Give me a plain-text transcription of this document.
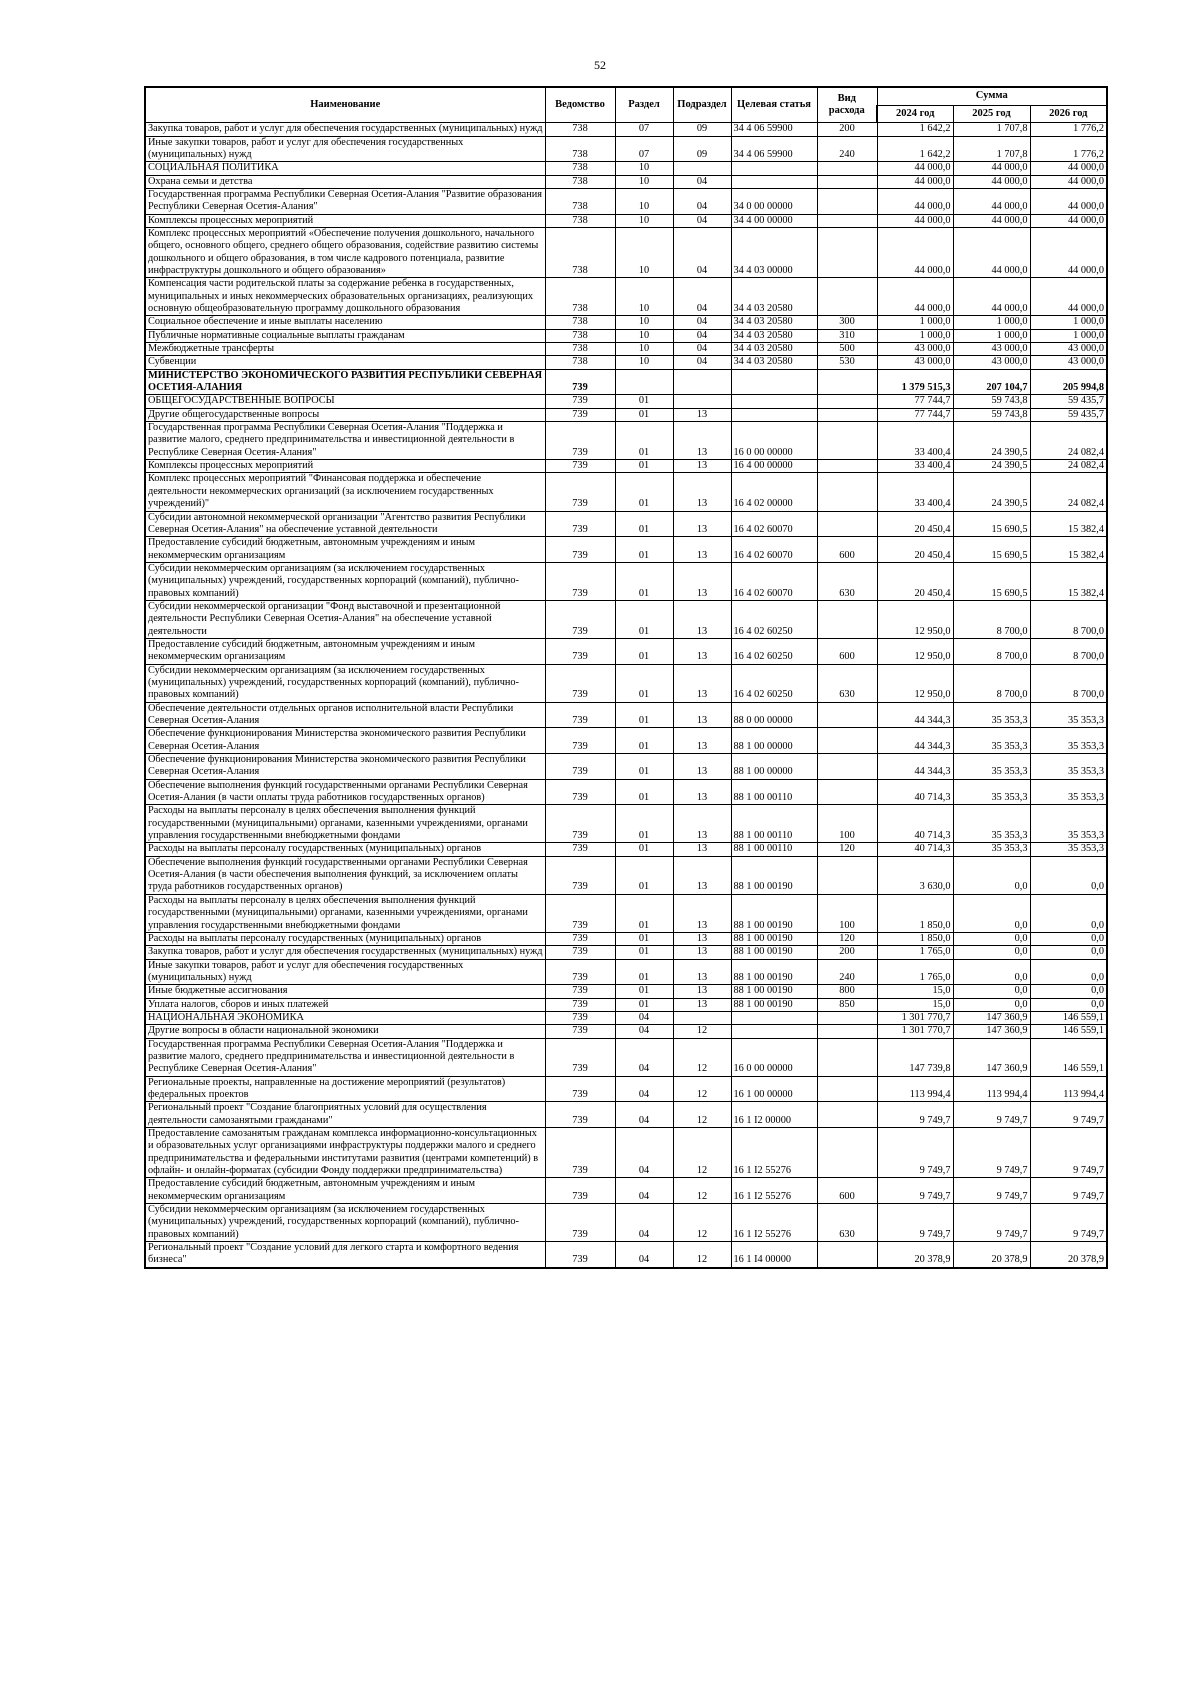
52
Наименование	Ведомство	Раздел	Подраздел	Целевая статья	Вид расхода	Сумма		
						2024 год	2025 год	2026 год
Закупка товаров, работ и услуг для обеспечения государственных (муниципальных) нужд	738	07	09	34 4 06 59900	200	1 642,2	1 707,8	1 776,2
Иные закупки товаров, работ и услуг для обеспечения государственных (муниципальных) нужд	738	07	09	34 4 06 59900	240	1 642,2	1 707,8	1 776,2
СОЦИАЛЬНАЯ ПОЛИТИКА	738	10				44 000,0	44 000,0	44 000,0
Охрана семьи и детства	738	10	04			44 000,0	44 000,0	44 000,0
Государственная программа Республики Северная Осетия-Алания "Развитие образования Республики Северная Осетия-Алания"	738	10	04	34 0 00 00000		44 000,0	44 000,0	44 000,0
Комплексы процессных мероприятий	738	10	04	34 4 00 00000		44 000,0	44 000,0	44 000,0
Комплекс процессных мероприятий «Обеспечение получения дошкольного, начального общего, основного общего, среднего общего образования, содействие развитию системы дошкольного и общего образования, в том числе кадрового потенциала, развитие инфраструктуры дошкольного и общего образования»	738	10	04	34 4 03 00000		44 000,0	44 000,0	44 000,0
Компенсация части родительской платы за содержание ребенка в государственных, муниципальных и иных некоммерческих образовательных организациях, реализующих основную общеобразовательную программу дошкольного образования	738	10	04	34 4 03 20580		44 000,0	44 000,0	44 000,0
Социальное обеспечение и иные выплаты населению	738	10	04	34 4 03 20580	300	1 000,0	1 000,0	1 000,0
Публичные нормативные социальные выплаты гражданам	738	10	04	34 4 03 20580	310	1 000,0	1 000,0	1 000,0
Межбюджетные трансферты	738	10	04	34 4 03 20580	500	43 000,0	43 000,0	43 000,0
Субвенции	738	10	04	34 4 03 20580	530	43 000,0	43 000,0	43 000,0
МИНИСТЕРСТВО ЭКОНОМИЧЕСКОГО РАЗВИТИЯ РЕСПУБЛИКИ СЕВЕРНАЯ ОСЕТИЯ-АЛАНИЯ	739					1 379 515,3	207 104,7	205 994,8
ОБЩЕГОСУДАРСТВЕННЫЕ ВОПРОСЫ	739	01				77 744,7	59 743,8	59 435,7
Другие общегосударственные вопросы	739	01	13			77 744,7	59 743,8	59 435,7
Государственная программа Республики Северная Осетия-Алания "Поддержка и развитие малого, среднего предпринимательства и инвестиционной деятельности в Республике Северная Осетия-Алания"	739	01	13	16 0 00 00000		33 400,4	24 390,5	24 082,4
Комплексы процессных мероприятий	739	01	13	16 4 00 00000		33 400,4	24 390,5	24 082,4
Комплекс процессных мероприятий "Финансовая поддержка и обеспечение деятельности некоммерческих организаций (за исключением государственных учреждений)"	739	01	13	16 4 02 00000		33 400,4	24 390,5	24 082,4
Субсидии автономной некоммерческой организации "Агентство развития Республики Северная Осетия-Алания" на обеспечение уставной деятельности	739	01	13	16 4 02 60070		20 450,4	15 690,5	15 382,4
Предоставление субсидий бюджетным, автономным учреждениям и иным некоммерческим организациям	739	01	13	16 4 02 60070	600	20 450,4	15 690,5	15 382,4
Субсидии некоммерческим организациям (за исключением государственных (муниципальных) учреждений, государственных корпораций (компаний), публично-правовых компаний)	739	01	13	16 4 02 60070	630	20 450,4	15 690,5	15 382,4
Субсидии некоммерческой организации "Фонд выставочной и презентационной деятельности Республики Северная Осетия-Алания" на обеспечение уставной деятельности	739	01	13	16 4 02 60250		12 950,0	8 700,0	8 700,0
Предоставление субсидий бюджетным, автономным учреждениям и иным некоммерческим организациям	739	01	13	16 4 02 60250	600	12 950,0	8 700,0	8 700,0
Субсидии некоммерческим организациям (за исключением государственных (муниципальных) учреждений, государственных корпораций (компаний), публично-правовых компаний)	739	01	13	16 4 02 60250	630	12 950,0	8 700,0	8 700,0
Обеспечение деятельности отдельных органов исполнительной власти Республики Северная Осетия-Алания	739	01	13	88 0 00 00000		44 344,3	35 353,3	35 353,3
Обеспечение функционирования Министерства экономического развития Республики Северная Осетия-Алания	739	01	13	88 1 00 00000		44 344,3	35 353,3	35 353,3
Обеспечение функционирования Министерства экономического развития Республики Северная Осетия-Алания	739	01	13	88 1 00 00000		44 344,3	35 353,3	35 353,3
Обеспечение выполнения функций государственными органами Республики Северная Осетия-Алания (в части оплаты труда работников государственных органов)	739	01	13	88 1 00 00110		40 714,3	35 353,3	35 353,3
Расходы на выплаты персоналу в целях обеспечения выполнения функций государственными (муниципальными) органами, казенными учреждениями, органами управления государственными внебюджетными фондами	739	01	13	88 1 00 00110	100	40 714,3	35 353,3	35 353,3
Расходы на выплаты персоналу государственных (муниципальных) органов	739	01	13	88 1 00 00110	120	40 714,3	35 353,3	35 353,3
Обеспечение выполнения функций государственными органами Республики Северная Осетия-Алания (в части обеспечения выполнения функций, за исключением оплаты труда работников государственных органов)	739	01	13	88 1 00 00190		3 630,0	0,0	0,0
Расходы на выплаты персоналу в целях обеспечения выполнения функций государственными (муниципальными) органами, казенными учреждениями, органами управления государственными внебюджетными фондами	739	01	13	88 1 00 00190	100	1 850,0	0,0	0,0
Расходы на выплаты персоналу государственных (муниципальных) органов	739	01	13	88 1 00 00190	120	1 850,0	0,0	0,0
Закупка товаров, работ и услуг для обеспечения государственных (муниципальных) нужд	739	01	13	88 1 00 00190	200	1 765,0	0,0	0,0
Иные закупки товаров, работ и услуг для обеспечения государственных (муниципальных) нужд	739	01	13	88 1 00 00190	240	1 765,0	0,0	0,0
Иные бюджетные ассигнования	739	01	13	88 1 00 00190	800	15,0	0,0	0,0
Уплата налогов, сборов и иных платежей	739	01	13	88 1 00 00190	850	15,0	0,0	0,0
НАЦИОНАЛЬНАЯ ЭКОНОМИКА	739	04				1 301 770,7	147 360,9	146 559,1
Другие вопросы в области национальной экономики	739	04	12			1 301 770,7	147 360,9	146 559,1
Государственная программа Республики Северная Осетия-Алания "Поддержка и развитие малого, среднего предпринимательства и инвестиционной деятельности в Республике Северная Осетия-Алания"	739	04	12	16 0 00 00000		147 739,8	147 360,9	146 559,1
Региональные проекты, направленные на достижение мероприятий (результатов) федеральных проектов	739	04	12	16 1 00 00000		113 994,4	113 994,4	113 994,4
Региональный проект "Создание благоприятных условий для осуществления деятельности самозанятыми гражданами"	739	04	12	16 1 I2 00000		9 749,7	9 749,7	9 749,7
Предоставление самозанятым гражданам комплекса информационно-консультационных и образовательных услуг организациями инфраструктуры поддержки малого и среднего предпринимательства и федеральными институтами развития (центрами компетенций) в офлайн- и онлайн-форматах (субсидии Фонду поддержки предпринимательства)	739	04	12	16 1 I2 55276		9 749,7	9 749,7	9 749,7
Предоставление субсидий бюджетным, автономным учреждениям и иным некоммерческим организациям	739	04	12	16 1 I2 55276	600	9 749,7	9 749,7	9 749,7
Субсидии некоммерческим организациям (за исключением государственных (муниципальных) учреждений, государственных корпораций (компаний), публично-правовых компаний)	739	04	12	16 1 I2 55276	630	9 749,7	9 749,7	9 749,7
Региональный проект "Создание условий для легкого старта и комфортного ведения бизнеса"	739	04	12	16 1 I4 00000		20 378,9	20 378,9	20 378,9
